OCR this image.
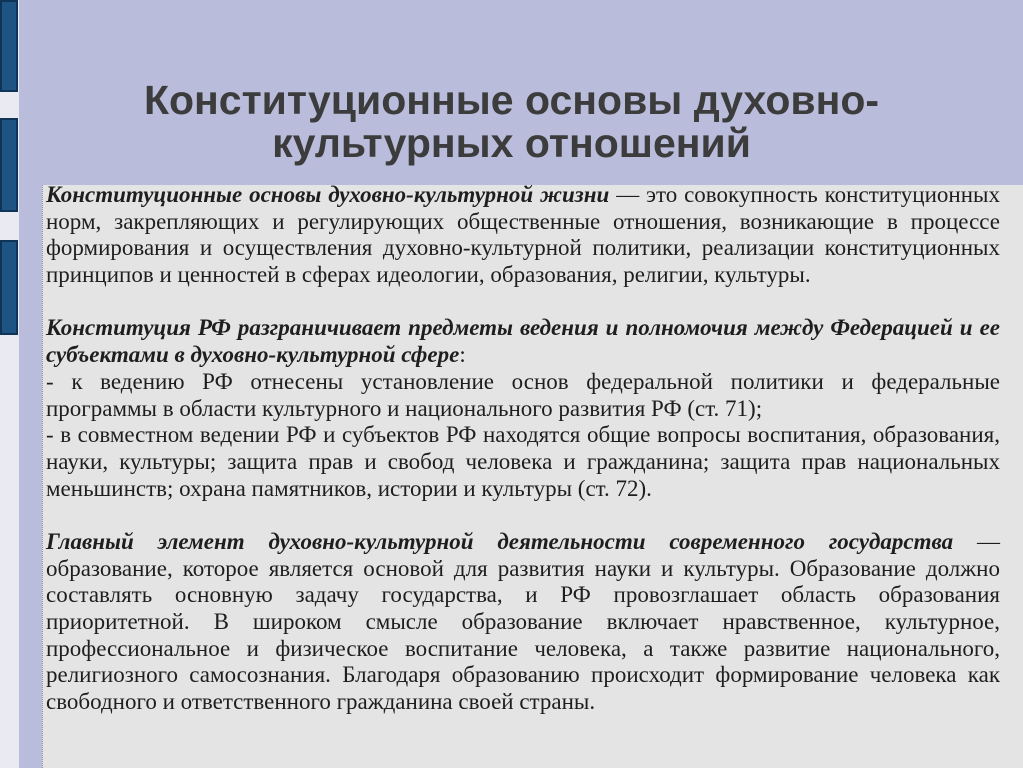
Конституционные основы духовно-
культурных отношений
Конституционные основы духовно-культурной жизни — это совокупность конституционных
норм, закрепляющих и регулирующих общественные отношения, возникающие в процессе
формирования и осуществления духовно-культурной политики, реализации конституционных
принципов и ценностей в сферах идеологии, образования, религии, культуры.
Конституция РФ разграничивает предметы ведения и полномочия между Федерацией и ее
субъектами в духовно-культурной сфере:
- к ведению РФ отнесены установление основ федеральной политики и федеральные
программы в области культурного и национального развития РФ (ст. 71);
- в совместном ведении РФ и субъектов РФ находятся общие вопросы воспитания, образования,
науки, культуры; защита прав и свобод человека и гражданина; защита прав национальных
меньшинств; охрана памятников, истории и культуры (ст. 72).
Главный элемент духовно-культурной деятельности современного государства —
образование, которое является основой для развития науки и культуры. Образование должно
составлять основную задачу государства, и РФ провозглашает область образования
приоритетной. В широком смысле образование включает нравственное, культурное,
профессиональное и физическое воспитание человека, а также развитие национального,
религиозного самосознания. Благодаря образованию происходит формирование человека как
свободного и ответственного гражданина своей страны.
